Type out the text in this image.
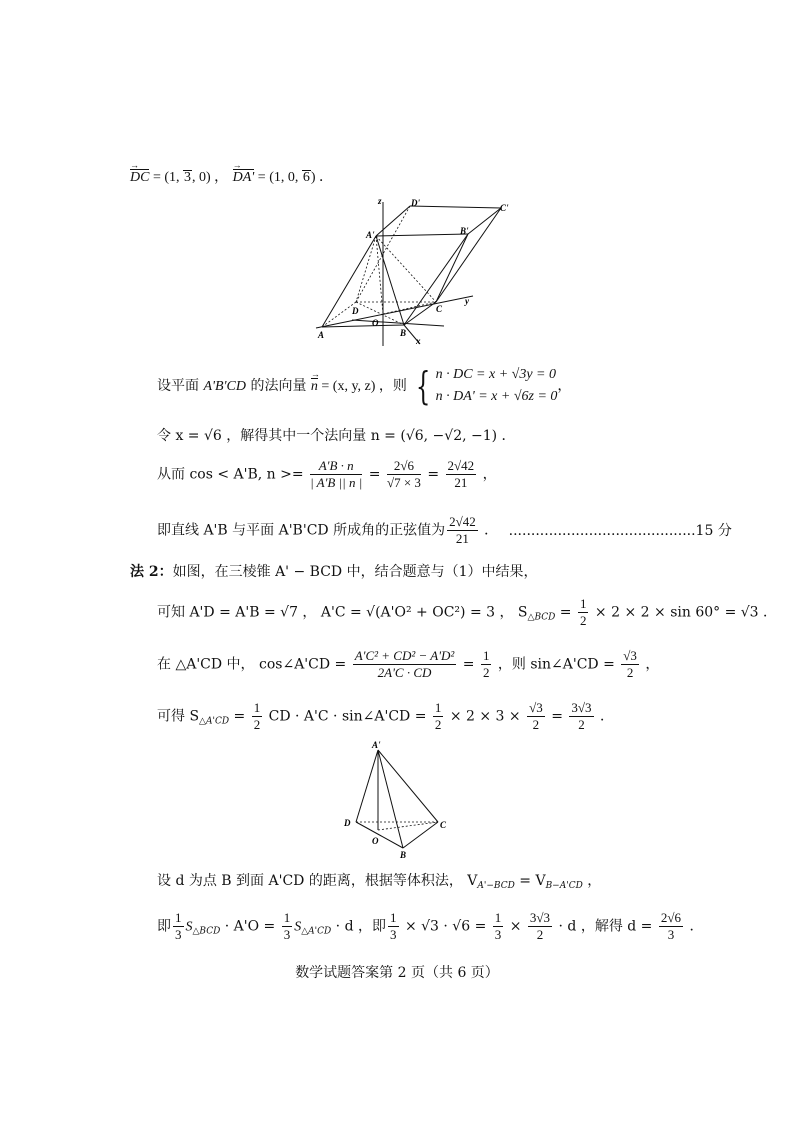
DC → = (1, 3, 0) ， DA' → = (1, 0, 6) ．
z	D'	C'
A'	B'
y
D	C
A
O
B
x
设平面 A'B'CD 的法向量 n → = (x, y, z) ，则 { n · DC = x + √3y = 0
n · DA' = x + √6z = 0
，
令 x = √6 ，解得其中一个法向量 n = (√6, −√2, −1) ．
从而 cos < A'B, $n >= \frac{A'B \cdot n}{| A'B || n |} = \frac{2√6}{√7 \times 3} = \frac{2√42}{21}$ ，
即直线 A'B 与平面 A'B'CD 所成角的正弦值为 $\frac{2√42}{21}$ ． ..........................................15 分
法 2：如图，在三棱锥 A' − BCD 中，结合题意与（1）中结果，
可知 A'D = A'B = √7 ， A'C = √(A'O² + OC²) = 3 ， $S_{\triangle BCD} = \frac{1}{2} \times 2 \times 2 \times \sin 60^\circ = √3$ ．
在 △A'CD 中， cos∠A'CD = $\frac{\text{A'C² + CD² − A'D²}}{2A'C \cdot CD} = \frac{1}{2}$ ，则 sin∠A'CD = $\frac{√3}{2}$ ，
可得 $S_{\triangle A'CD} = \frac{1}{2}$ CD · A'C · sin∠A'CD = $\frac{1}{2} \times 2 \times 3 \times \frac{√3}{2} = \frac{3√3}{2}$ ．
A'
D	C
O
B
设 d 为点 B 到面 A'CD 的距离，根据等体积法， $V_{A'-BCD} = V_{B-A'CD}$ ，
即 $\frac{1}{3} S_{\triangle BCD} \cdot A'O = \frac{1}{3} S_{\triangle A'CD} \cdot d$ ，即 $\frac{1}{3} \times √3 \cdot √6 = \frac{1}{3} \times \frac{3√3}{2} \cdot d$ ，解得 $d = \frac{2√6}{3}$ ．
数学试题答案第 2 页（共 6 页）
